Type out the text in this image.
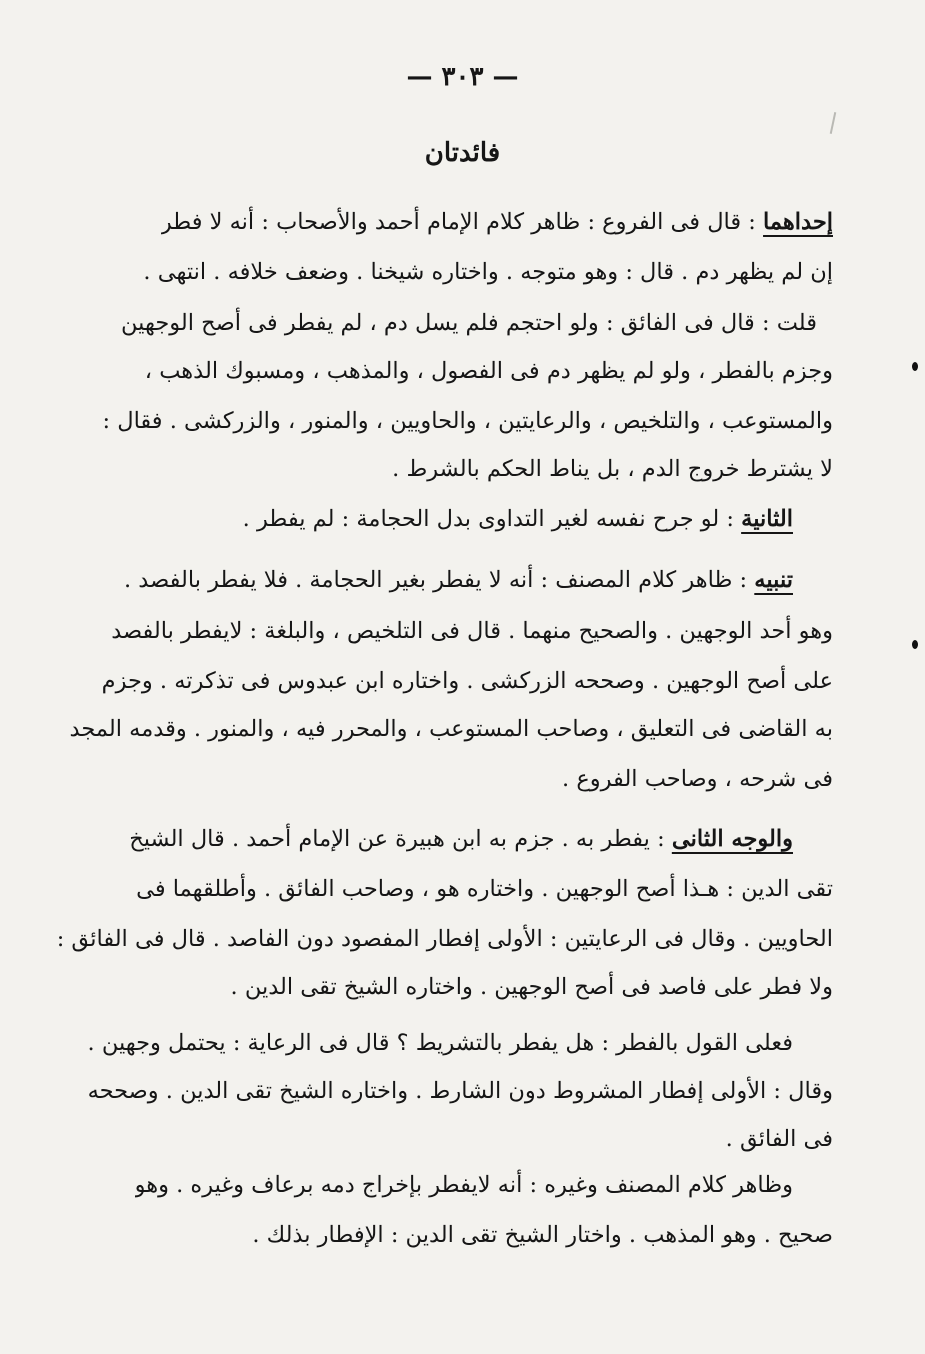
— ٣٠٣ —
فائدتان
إحداهما : قال فى الفروع : ظاهر كلام الإمام أحمد والأصحاب : أنه لا فطر
إن لم يظهر دم . قال : وهو متوجه . واختاره شيخنا . وضعف خلافه . انتهى .
قلت : قال فى الفائق : ولو احتجم فلم يسل دم ، لم يفطر فى أصح الوجهين
وجزم بالفطر ، ولو لم يظهر دم فى الفصول ، والمذهب ، ومسبوك الذهب ،
والمستوعب ، والتلخيص ، والرعايتين ، والحاويين ، والمنور ، والزركشى . فقال :
لا يشترط خروج الدم ، بل يناط الحكم بالشرط .
الثانية : لو جرح نفسه لغير التداوى بدل الحجامة : لم يفطر .
تنبيه : ظاهر كلام المصنف : أنه لا يفطر بغير الحجامة . فلا يفطر بالفصد .
وهو أحد الوجهين . والصحيح منهما . قال فى التلخيص ، والبلغة : لايفطر بالفصد
على أصح الوجهين . وصححه الزركشى . واختاره ابن عبدوس فى تذكرته . وجزم
به القاضى فى التعليق ، وصاحب المستوعب ، والمحرر فيه ، والمنور . وقدمه المجد
فى شرحه ، وصاحب الفروع .
والوجه الثانى : يفطر به . جزم به ابن هبيرة عن الإمام أحمد . قال الشيخ
تقى الدين : هـذا أصح الوجهين . واختاره هو ، وصاحب الفائق . وأطلقهما فى
الحاويين . وقال فى الرعايتين : الأولى إفطار المفصود دون الفاصد . قال فى الفائق :
ولا فطر على فاصد فى أصح الوجهين . واختاره الشيخ تقى الدين .
فعلى القول بالفطر : هل يفطر بالتشريط ؟ قال فى الرعاية : يحتمل وجهين .
وقال : الأولى إفطار المشروط دون الشارط . واختاره الشيخ تقى الدين . وصححه
فى الفائق .
وظاهر كلام المصنف وغيره : أنه لايفطر بإخراج دمه برعاف وغيره . وهو
صحيح . وهو المذهب . واختار الشيخ تقى الدين : الإفطار بذلك .
